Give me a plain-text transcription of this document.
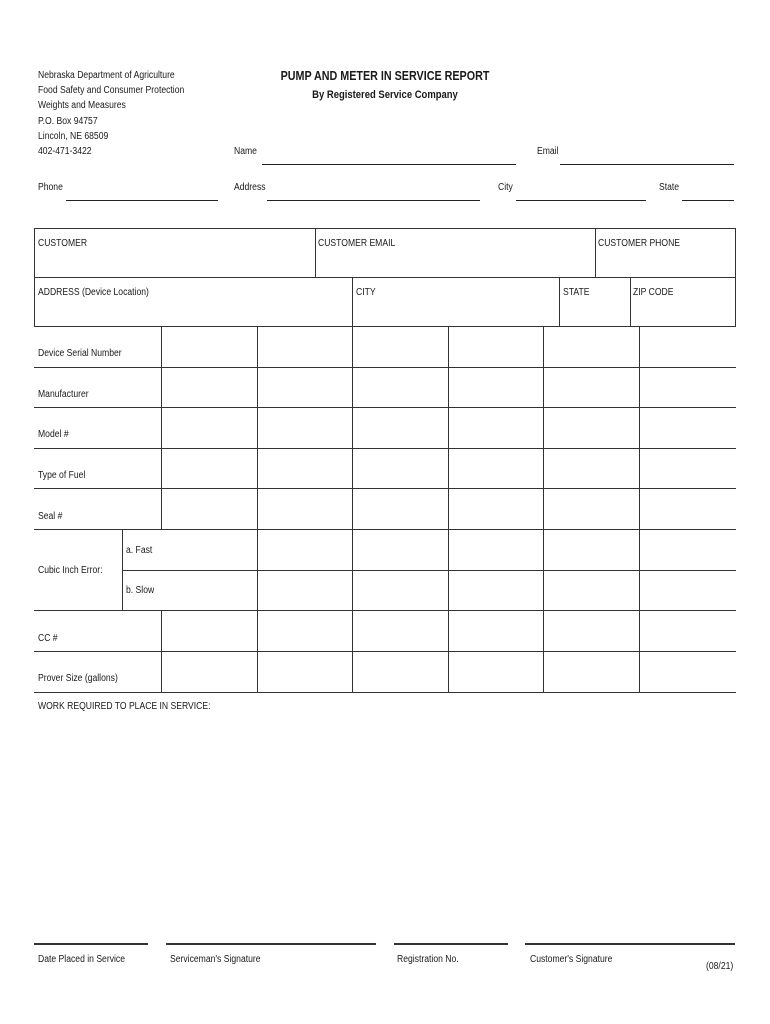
Nebraska Department of Agriculture
Food Safety and Consumer Protection
Weights and Measures
P.O. Box 94757
Lincoln, NE 68509
402-471-3422
PUMP AND METER IN SERVICE REPORT
By Registered Service Company
Name	Email
Phone	Address	City	State
CUSTOMER	CUSTOMER EMAIL	CUSTOMER PHONE
ADDRESS (Device Location)	CITY	STATE	ZIP CODE
Device Serial Number
Manufacturer
Model #
Type of Fuel
Seal #
Cubic Inch Error:
a. Fast
b. Slow
CC #
Prover Size (gallons)
WORK REQUIRED TO PLACE IN SERVICE:
Date Placed in Service	Serviceman's Signature	Registration No.	Customer's Signature
(08/21)
